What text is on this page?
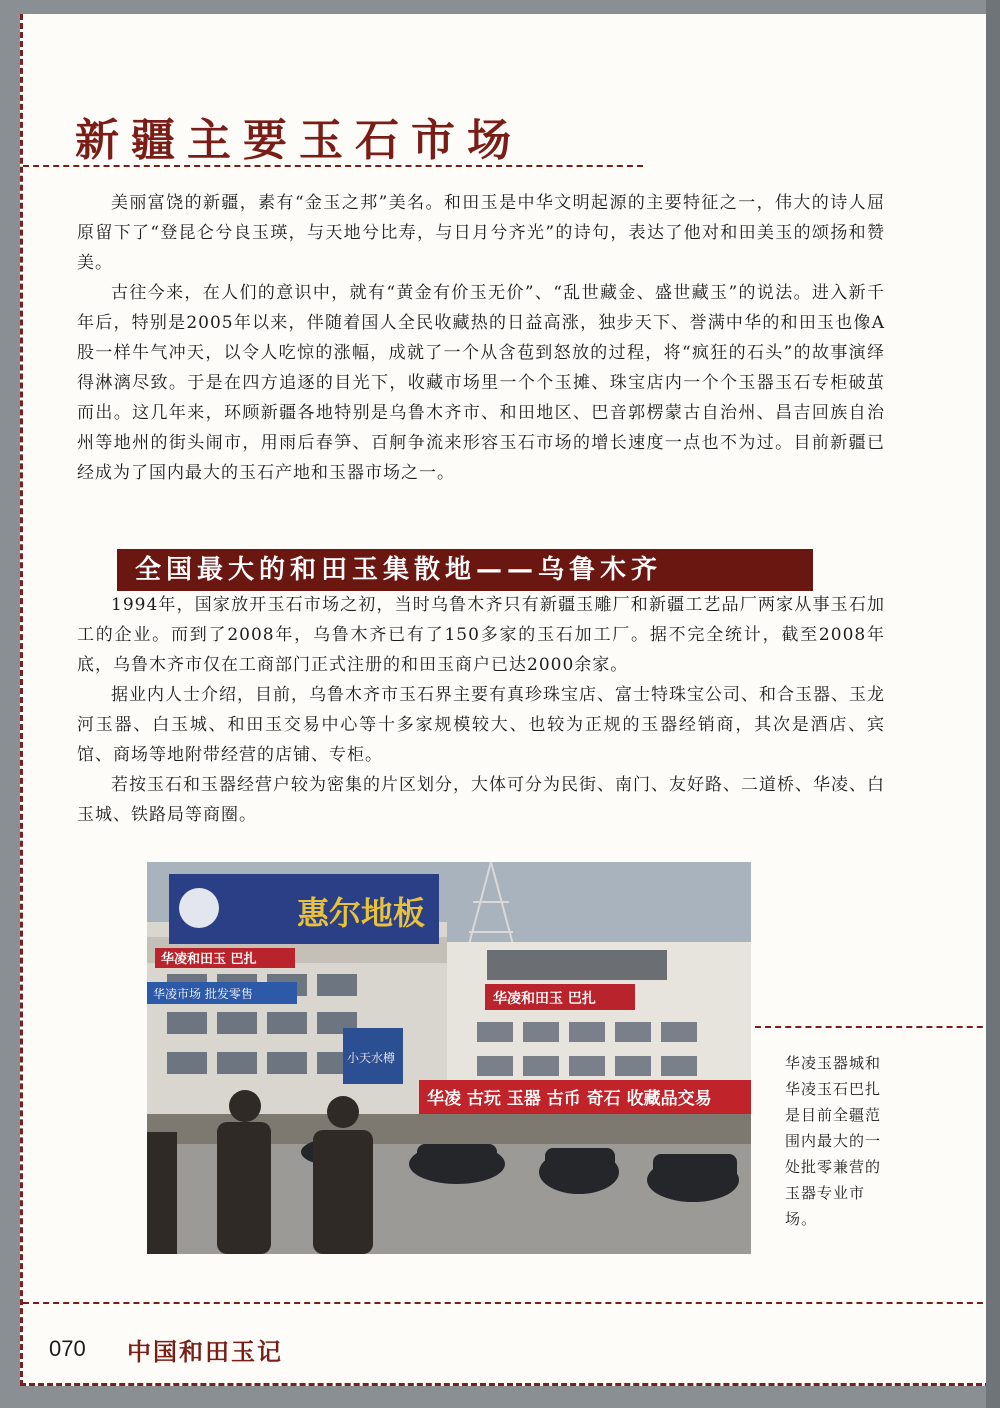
新疆主要玉石市场

美丽富饶的新疆，素有“金玉之邦”美名。和田玉是中华文明起源的主要特征之一，伟大的诗人屈原留下了“登昆仑兮良玉瑛，与天地兮比寿，与日月兮齐光”的诗句，表达了他对和田美玉的颂扬和赞美。

古往今来，在人们的意识中，就有“黄金有价玉无价”、“乱世藏金、盛世藏玉”的说法。进入新千年后，特别是2005年以来，伴随着国人全民收藏热的日益高涨，独步天下、誉满中华的和田玉也像A股一样牛气冲天，以令人吃惊的涨幅，成就了一个从含苞到怒放的过程，将“疯狂的石头”的故事演绎得淋漓尽致。于是在四方追逐的目光下，收藏市场里一个个玉摊、珠宝店内一个个玉器玉石专柜破茧而出。这几年来，环顾新疆各地特别是乌鲁木齐市、和田地区、巴音郭楞蒙古自治州、昌吉回族自治州等地州的街头闹市，用雨后春笋、百舸争流来形容玉石市场的增长速度一点也不为过。目前新疆已经成为了国内最大的玉石产地和玉器市场之一。

全国最大的和田玉集散地——乌鲁木齐

1994年，国家放开玉石市场之初，当时乌鲁木齐只有新疆玉雕厂和新疆工艺品厂两家从事玉石加工的企业。而到了2008年，乌鲁木齐已有了150多家的玉石加工厂。据不完全统计，截至2008年底，乌鲁木齐市仅在工商部门正式注册的和田玉商户已达2000余家。

据业内人士介绍，目前，乌鲁木齐市玉石界主要有真珍珠宝店、富士特珠宝公司、和合玉器、玉龙河玉器、白玉城、和田玉交易中心等十多家规模较大、也较为正规的玉器经销商，其次是酒店、宾馆、商场等地附带经营的店铺、专柜。

若按玉石和玉器经营户较为密集的片区划分，大体可分为民街、南门、友好路、二道桥、华凌、白玉城、铁路局等商圈。

惠尔地板
华凌和田玉 巴扎
华凌市场 批发零售
小天水樽
华凌和田玉 巴扎
华凌 古玩 玉器 古币 奇石 收藏品交易
华凌玉器城和华凌玉石巴扎是目前全疆范围内最大的一处批零兼营的玉器专业市场。
070 中国和田玉记
